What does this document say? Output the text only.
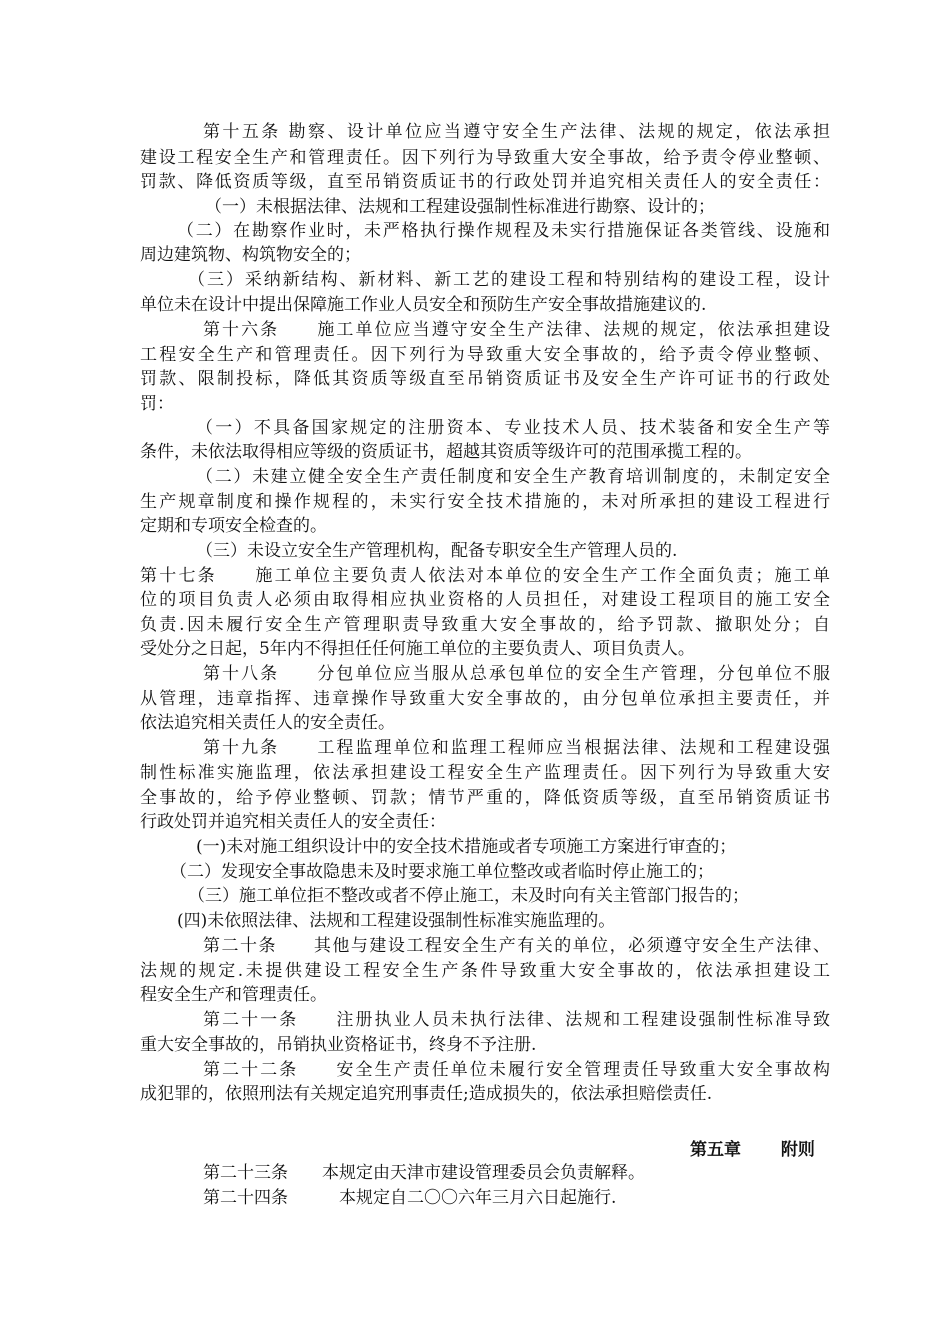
第十五条 勘察、设计单位应当遵守安全生产法律、法规的规定，依法承担
建设工程安全生产和管理责任。因下列行为导致重大安全事故，给予责令停业整顿、
罚款、降低资质等级，直至吊销资质证书的行政处罚并追究相关责任人的安全责任：
（一）未根据法律、法规和工程建设强制性标准进行勘察、设计的；
（二）在勘察作业时，未严格执行操作规程及未实行措施保证各类管线、设施和
周边建筑物、构筑物安全的；
（三）采纳新结构、新材料、新工艺的建设工程和特别结构的建设工程，设计
单位未在设计中提出保障施工作业人员安全和预防生产安全事故措施建议的.
第十六条　　施工单位应当遵守安全生产法律、法规的规定，依法承担建设
工程安全生产和管理责任。因下列行为导致重大安全事故的，给予责令停业整顿、
罚款、限制投标，降低其资质等级直至吊销资质证书及安全生产许可证书的行政处
罚：
（一）不具备国家规定的注册资本、专业技术人员、技术装备和安全生产等
条件，未依法取得相应等级的资质证书，超越其资质等级许可的范围承揽工程的。
（二）未建立健全安全生产责任制度和安全生产教育培训制度的，未制定安全
生产规章制度和操作规程的，未实行安全技术措施的，未对所承担的建设工程进行
定期和专项安全检查的。
（三）未设立安全生产管理机构，配备专职安全生产管理人员的.
第十七条　　施工单位主要负责人依法对本单位的安全生产工作全面负责；施工单
位的项目负责人必须由取得相应执业资格的人员担任，对建设工程项目的施工安全
负责.因未履行安全生产管理职责导致重大安全事故的，给予罚款、撤职处分；自
受处分之日起，5年内不得担任任何施工单位的主要负责人、项目负责人。
第十八条　　分包单位应当服从总承包单位的安全生产管理，分包单位不服
从管理，违章指挥、违章操作导致重大安全事故的，由分包单位承担主要责任，并
依法追究相关责任人的安全责任。
第十九条　　工程监理单位和监理工程师应当根据法律、法规和工程建设强
制性标准实施监理，依法承担建设工程安全生产监理责任。因下列行为导致重大安
全事故的，给予停业整顿、罚款；情节严重的，降低资质等级，直至吊销资质证书
行政处罚并追究相关责任人的安全责任：
(一)未对施工组织设计中的安全技术措施或者专项施工方案进行审查的；
（二）发现安全事故隐患未及时要求施工单位整改或者临时停止施工的；
（三）施工单位拒不整改或者不停止施工，未及时向有关主管部门报告的；
(四)未依照法律、法规和工程建设强制性标准实施监理的。
第二十条　　其他与建设工程安全生产有关的单位，必须遵守安全生产法律、
法规的规定.未提供建设工程安全生产条件导致重大安全事故的，依法承担建设工
程安全生产和管理责任。
第二十一条　　注册执业人员未执行法律、法规和工程建设强制性标准导致
重大安全事故的，吊销执业资格证书，终身不予注册.
第二十二条　　安全生产责任单位未履行安全管理责任导致重大安全事故构
成犯罪的，依照刑法有关规定追究刑事责任;造成损失的，依法承担赔偿责任.
第五章 附则
第二十三条　　本规定由天津市建设管理委员会负责解释。
第二十四条　　　本规定自二〇〇六年三月六日起施行.
